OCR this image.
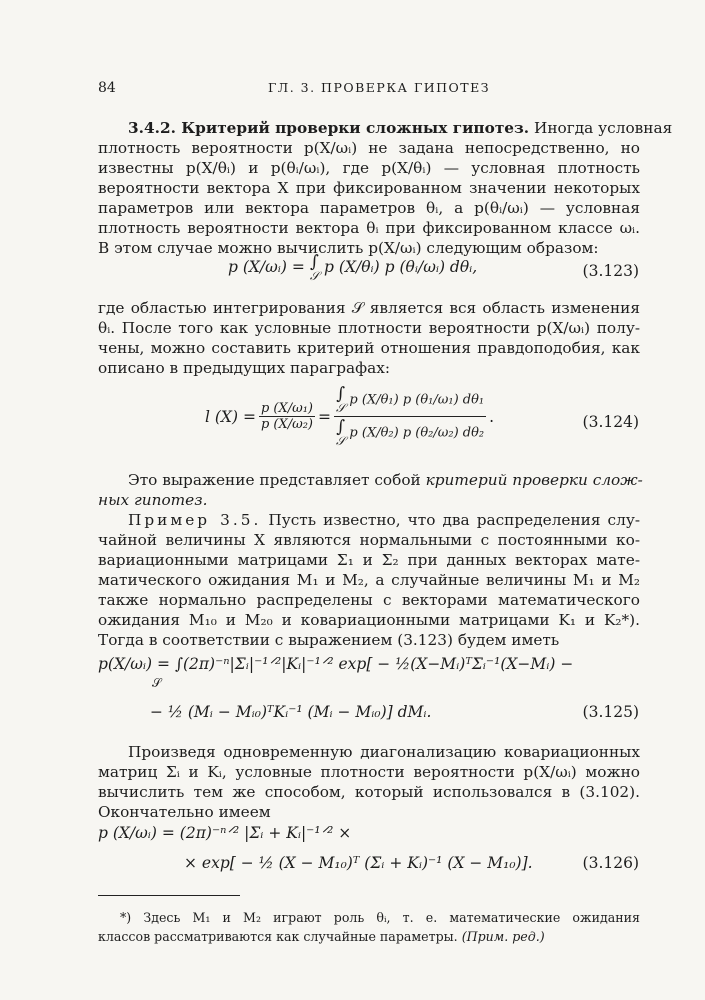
84	ГЛ. 3. ПРОВЕРКА ГИПОТЕЗ
3.4.2. Критерий проверки сложных гипотез. Иногда условная
плотность вероятности p(X/ωᵢ) не задана непосредственно, но
известны p(X/θᵢ) и p(θᵢ/ωᵢ), где p(X/θᵢ) — условная плотность
вероятности вектора X при фиксированном значении некоторых
параметров или вектора параметров θᵢ, а p(θᵢ/ωᵢ) — условная
плотность вероятности вектора θᵢ при фиксированном классе ωᵢ.
В этом случае можно вычислить p(X/ωᵢ) следующим образом:
p (X/ωᵢ) = ∫
𝒮 p (X/θᵢ) p (θᵢ/ωᵢ) dθᵢ,	(3.123)
где областью интегрирования 𝒮 является вся область изменения
θᵢ. После того как условные плотности вероятности p(X/ωᵢ) полу-
чены, можно составить критерий отношения правдоподобия, как
описано в предыдущих параграфах:
l $(X) = \frac{\text{p (X/ω₁)}}{\text{p (X/ω₂)}}$ = ∫
𝒮
p (X/θ₁) p (θ₁/ω₁) dθ₁
∫
𝒮
p (X/θ₂) p (θ₂/ω₂) dθ₂ .	(3.124)
Это выражение представляет собой критерий проверки слож-
ных гипотез.
Пример 3.5. Пусть известно, что два распределения слу-
чайной величины X являются нормальными с постоянными ко-
вариационными матрицами Σ₁ и Σ₂ при данных векторах мате-
матического ожидания M₁ и M₂, а случайные величины M₁ и M₂
также нормально распределены с векторами математического
ожидания M₁₀ и M₂₀ и ковариационными матрицами K₁ и K₂*).
Тогда в соответствии с выражением (3.123) будем иметь
p(X/ωᵢ) = ∫(2π)⁻ⁿ|Σᵢ|⁻¹ᐟ²|Kᵢ|⁻¹ᐟ² exp[ − ½(X−Mᵢ)ᵀΣᵢ⁻¹(X−Mᵢ) −
𝒮
− ½ (Mᵢ − Mᵢ₀)ᵀKᵢ⁻¹ (Mᵢ − Mᵢ₀)] dMᵢ.	(3.125)
Произведя одновременную диагонализацию ковариационных
матриц Σᵢ и Kᵢ, условные плотности вероятности p(X/ωᵢ) можно
вычислить тем же способом, который использовался в (3.102).
Окончательно имеем
p (X/ωᵢ) = (2π)⁻ⁿᐟ² |Σᵢ + Kᵢ|⁻¹ᐟ² ×
× exp[ − ½ (X − M₁₀)ᵀ (Σᵢ + Kᵢ)⁻¹ (X − M₁₀)].	(3.126)
*) Здесь M₁ и M₂ играют роль θᵢ, т. е. математические ожидания
классов рассматриваются как случайные параметры. (Прим. ред.)
